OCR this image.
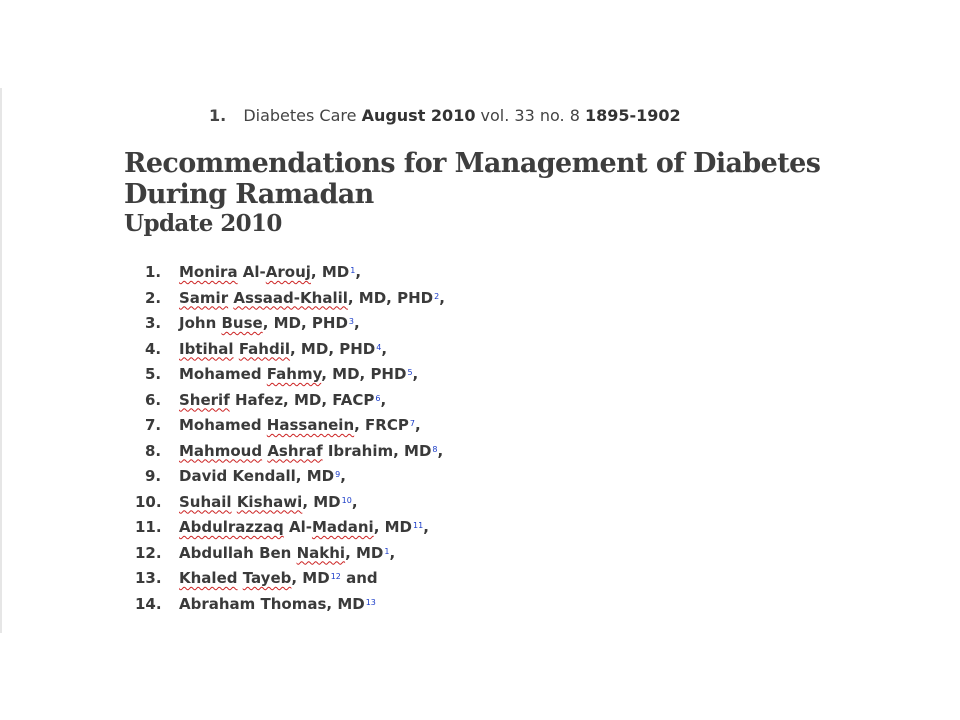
1. Diabetes Care August 2010 vol. 33 no. 8 1895-1902
Recommendations for Management of Diabetes
During Ramadan
Update 2010
1. Monira Al-Arouj, $MD^1$,
2. Samir Assaad-Khalil, MD, PHD$^2$,
3. John Buse, MD, PHD$^3$,
4. Ibtihal Fahdil, MD, PHD$^4$,
5. Mohamed Fahmy, MD, PHD$^5$,
6. Sherif Hafez, MD, FACP$^6$,
7. Mohamed Hassanein, FRCP$^7$,
8. Mahmoud Ashraf Ibrahim, $MD^8$,
9. David Kendall, $MD^9$,
10. Suhail Kishawi, MD$^{10}$,
11. Abdulrazzaq Al-Madani, MD$^{11}$,
12. Abdullah Ben Nakhi, $MD^1$,
13. Khaled Tayeb, MD$^{12}$ and
14. Abraham Thomas, MD$^{13}$
